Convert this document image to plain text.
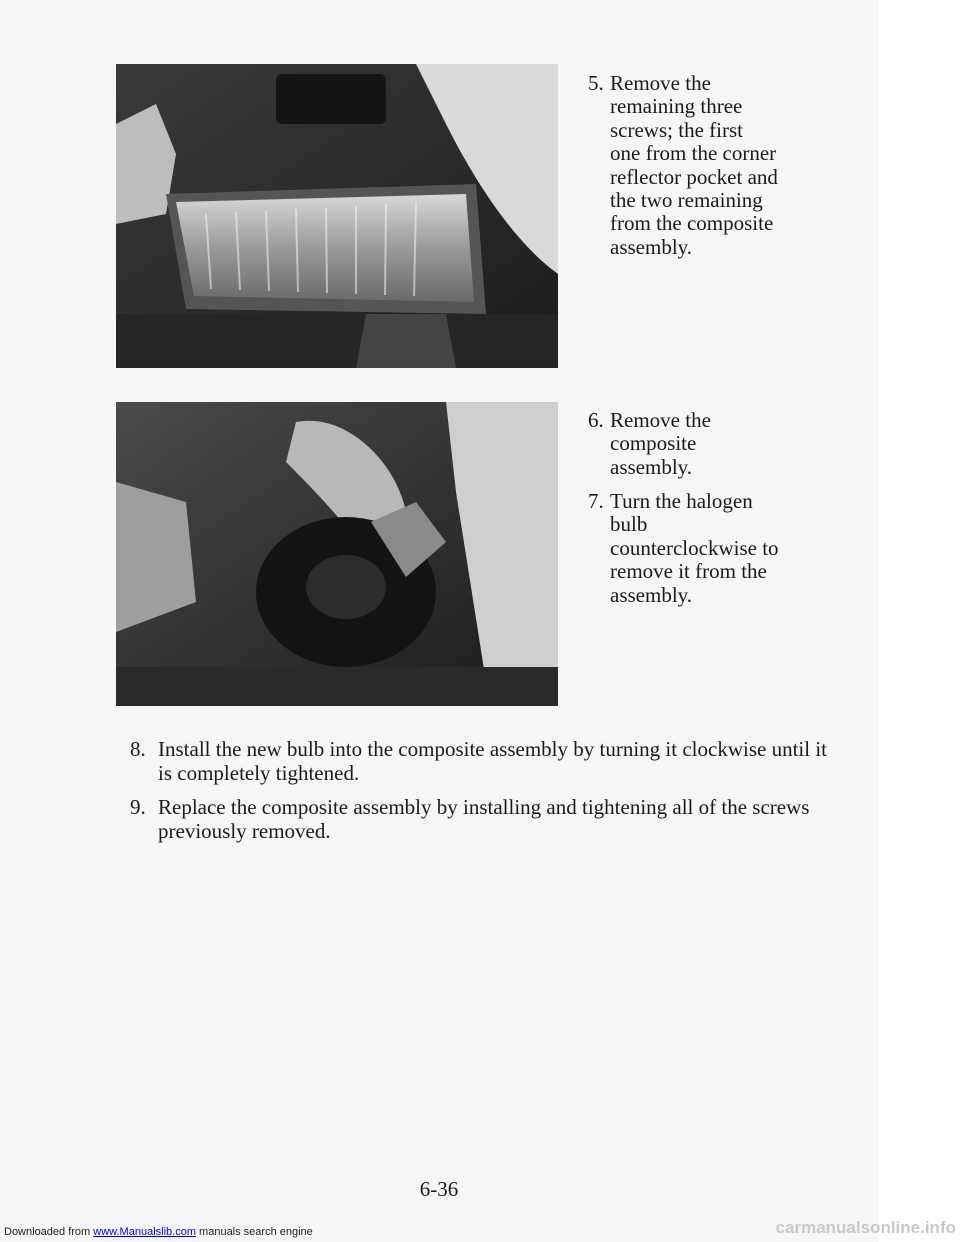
5. Remove the remaining three screws; the first one from the corner reflector pocket and the two remaining from the composite assembly.
6. Remove the composite assembly.
7. Turn the halogen bulb counterclockwise to remove it from the assembly.
8. Install the new bulb into the composite assembly by turning it clockwise until it is completely tightened.
9. Replace the composite assembly by installing and tightening all of the screws previously removed.
6-36
Downloaded from www.Manualslib.com manuals search engine	carmanualsonline.info
